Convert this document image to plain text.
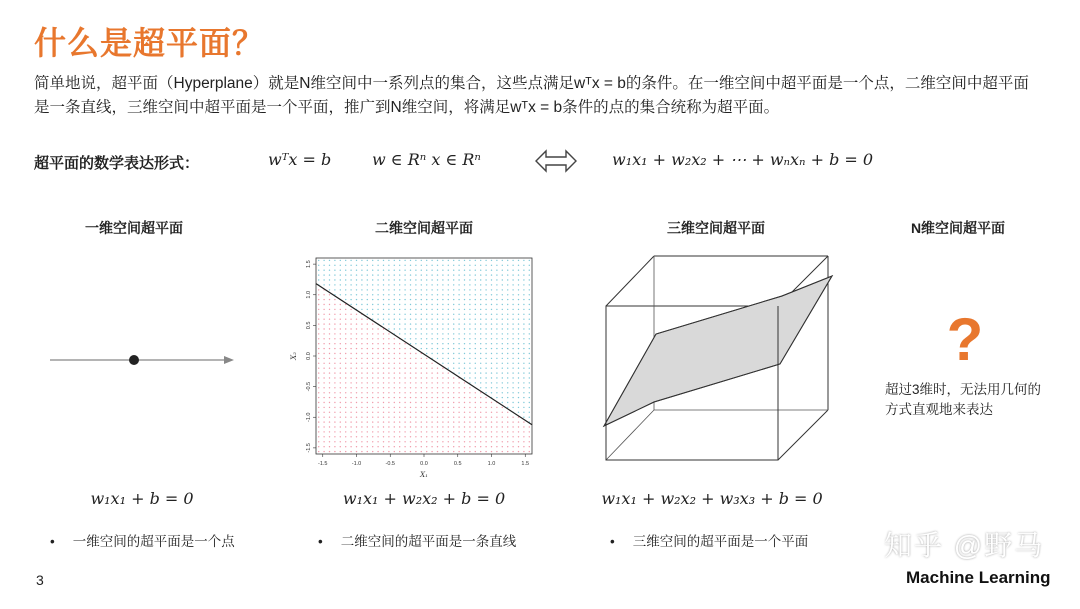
什么是超平面？
简单地说，超平面（Hyperplane）就是N维空间中一系列点的集合，这些点满足wᵀx = b的条件。在一维空间中超平面是一个点，二维空间中超平面是一条直线，三维空间中超平面是一个平面，推广到N维空间，将满足wᵀx = b条件的点的集合统称为超平面。
超平面的数学表达形式：	wᵀx = b	w ∈ Rⁿ x ∈ Rⁿ	w₁x₁ + w₂x₂ + ⋯ + wₙxₙ + b = 0
一维空间超平面	二维空间超平面	三维空间超平面	N维空间超平面
-1.5
-1.5
-1.0
-1.0
-0.5
-0.5
0.0
0.0
0.5
0.5
1.0
1.0
1.5
1.5
X₁
X₂	?
超过3维时，无法用几何的
方式直观地来表达
w₁x₁ + b = 0	w₁x₁ + w₂x₂ + b = 0	w₁x₁ + w₂x₂ + w₃x₃ + b = 0
• 一维空间的超平面是一个点	• 二维空间的超平面是一条直线	• 三维空间的超平面是一个平面
3
知乎 @野马
Machine Learning
